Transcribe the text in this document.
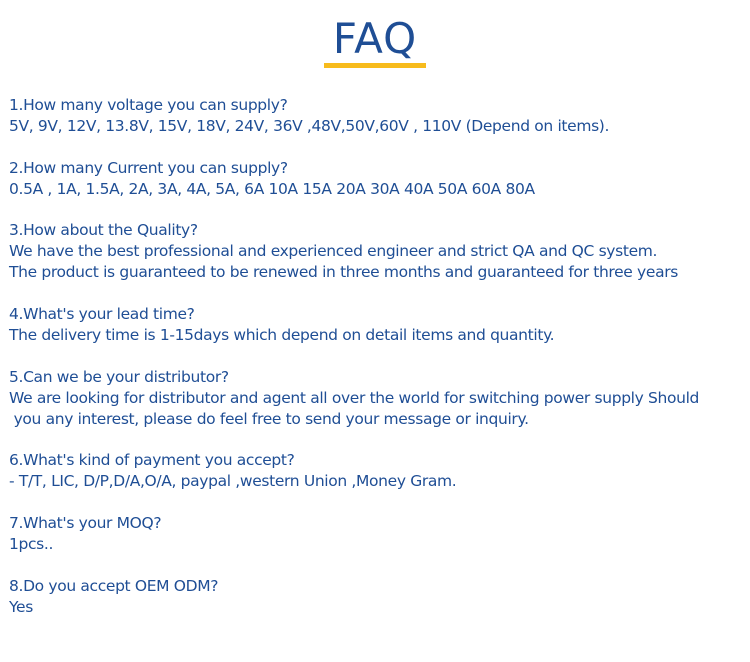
FAQ
1.How many voltage you can supply?
5V, 9V, 12V, 13.8V, 15V, 18V, 24V, 36V ,48V,50V,60V , 110V (Depend on items).
2.How many Current you can supply?
0.5A , 1A, 1.5A, 2A, 3A, 4A, 5A, 6A 10A 15A 20A 30A 40A 50A 60A 80A
3.How about the Quality?
We have the best professional and experienced engineer and strict QA and QC system.
The product is guaranteed to be renewed in three months and guaranteed for three years
4.What's your lead time?
The delivery time is 1-15days which depend on detail items and quantity.
5.Can we be your distributor?
We are looking for distributor and agent all over the world for switching power supply Should
you any interest, please do feel free to send your message or inquiry.
6.What's kind of payment you accept?
- T/T, LIC, D/P,D/A,O/A, paypal ,western Union ,Money Gram.
7.What's your MOQ?
1pcs..
8.Do you accept OEM ODM?
Yes
